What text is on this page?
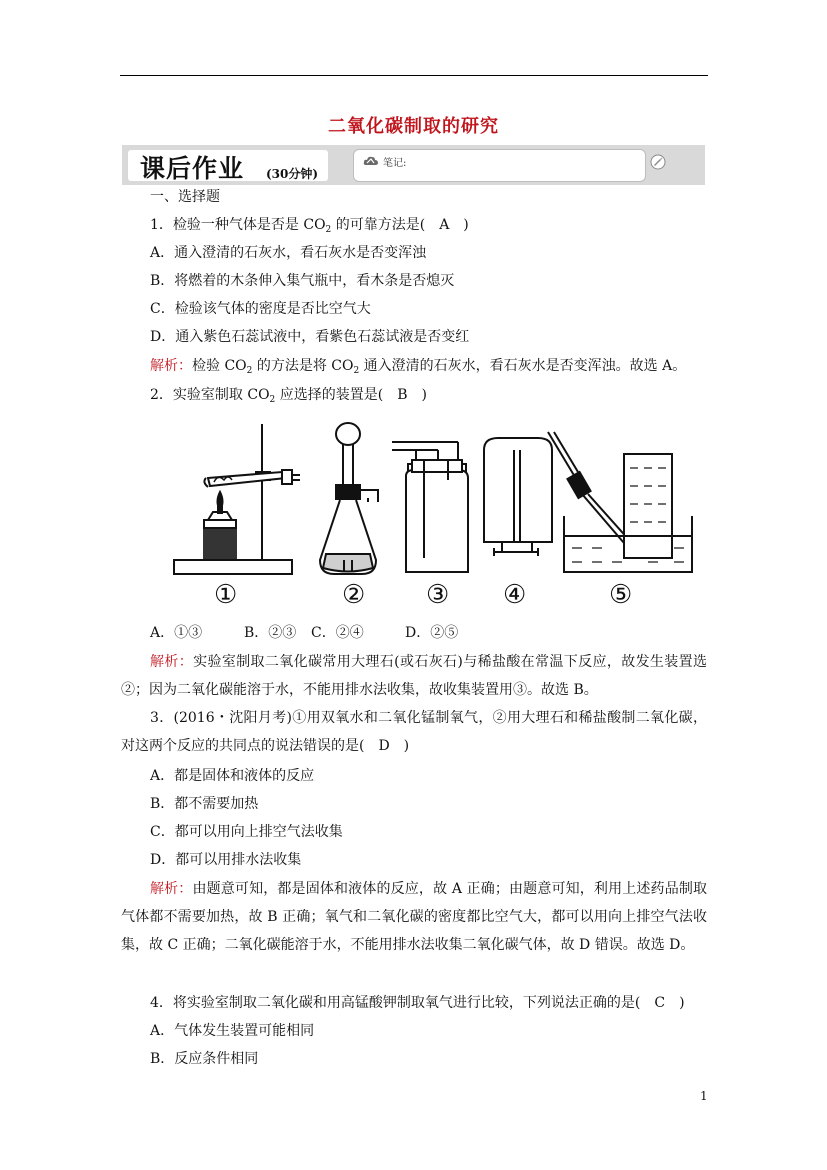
二氧化碳制取的研究
课后作业 (30分钟)
笔记:
一、选择题
1．检验一种气体是否是 $CO_2$ 的可靠方法是(　A　)
A．通入澄清的石灰水，看石灰水是否变浑浊
B．将燃着的木条伸入集气瓶中，看木条是否熄灭
C．检验该气体的密度是否比空气大
D．通入紫色石蕊试液中，看紫色石蕊试液是否变红
解析：检验 $CO_2$ 的方法是将 $CO_2$ 通入澄清的石灰水，看石灰水是否变浑浊。故选 A。
2．实验室制取 $CO_2$ 应选择的装置是(　B　)
①	② ③ ④	⑤
A．①③	B．②③ C．②④	D．②⑤
解析：实验室制取二氧化碳常用大理石(或石灰石)与稀盐酸在常温下反应，故发生装置选②；因为二氧化碳能溶于水，不能用排水法收集，故收集装置用③。故选 B。
3．(2016・沈阳月考)①用双氧水和二氧化锰制氧气，②用大理石和稀盐酸制二氧化碳，对这两个反应的共同点的说法错误的是(　D　)
A．都是固体和液体的反应
B．都不需要加热
C．都可以用向上排空气法收集
D．都可以用排水法收集
解析：由题意可知，都是固体和液体的反应，故 A 正确；由题意可知，利用上述药品制取气体都不需要加热，故 B 正确；氧气和二氧化碳的密度都比空气大，都可以用向上排空气法收集，故 C 正确；二氧化碳能溶于水，不能用排水法收集二氧化碳气体，故 D 错误。故选 D。
4．将实验室制取二氧化碳和用高锰酸钾制取氧气进行比较，下列说法正确的是(　C　)
A．气体发生装置可能相同
B．反应条件相同
1
